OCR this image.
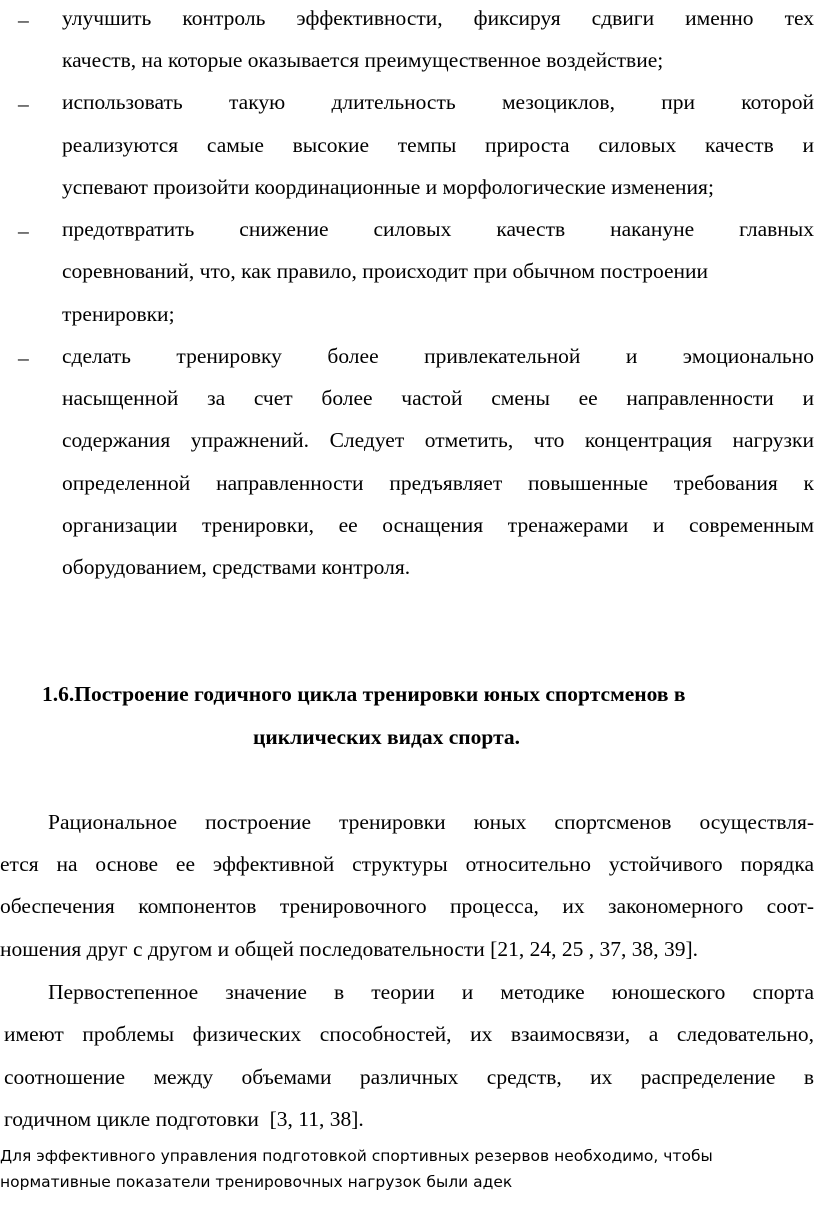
– улучшить контроль эффективности, фиксируя сдвиги именно тех
качеств, на которые оказывается преимущественное воздействие;
– использовать такую длительность мезоциклов, при которой
реализуются самые высокие темпы прироста силовых качеств и
успевают произойти координационные и морфологические изменения;
– предотвратить снижение силовых качеств накануне главных
соревнований, что, как правило, происходит при обычном построении
тренировки;
– сделать тренировку более привлекательной и эмоционально
насыщенной за счет более частой смены ее направленности и
содержания упражнений. Следует отметить, что концентрация нагрузки
определенной направленности предъявляет повышенные требования к
организации тренировки, ее оснащения тренажерами и современным
оборудованием, средствами контроля.
1.6.Построение годичного цикла тренировки юных спортсменов в
циклических видах спорта.
Рациональное построение тренировки юных спортсменов осуществля-
ется на основе ее эффективной структуры относительно устойчивого порядка
обеспечения компонентов тренировочного процесса, их закономерного соот-
ношения друг с другом и общей последовательности [21, 24, 25 , 37, 38, 39].
Первостепенное значение в теории и методике юношеского спорта
имеют проблемы физических способностей, их взаимосвязи, а следовательно,
соотношение между объемами различных средств, их распределение в
годичном цикле подготовки  [3, 11, 38].
Для эффективного управления подготовкой спортивных резервов необходимо, чтобы
нормативные показатели тренировочных нагрузок были адек
